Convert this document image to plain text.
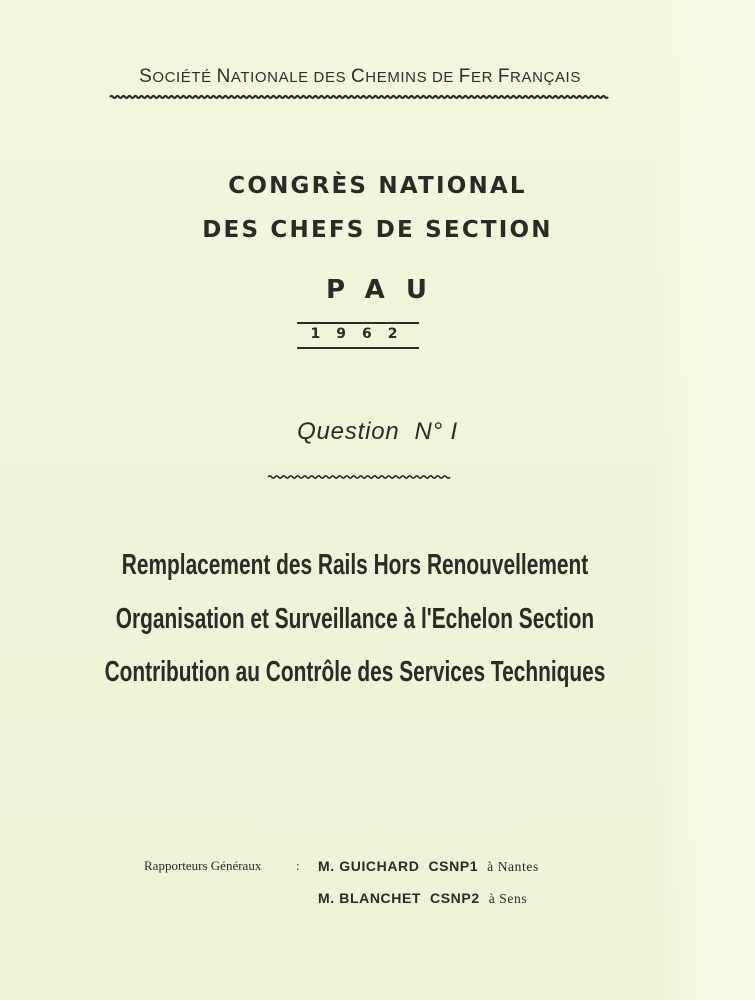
SOCIÉTÉ NATIONALE DES CHEMINS DE FER FRANÇAIS
CONGRÈS NATIONAL
DES CHEFS DE SECTION
PAU
1962
Question N° I
Remplacement des Rails Hors Renouvellement
Organisation et Surveillance à l'Echelon Section
Contribution au Contrôle des Services Techniques
Rapporteurs Généraux	: M. GUICHARD CSNP1 à Nantes
M. BLANCHET CSNP2 à Sens
